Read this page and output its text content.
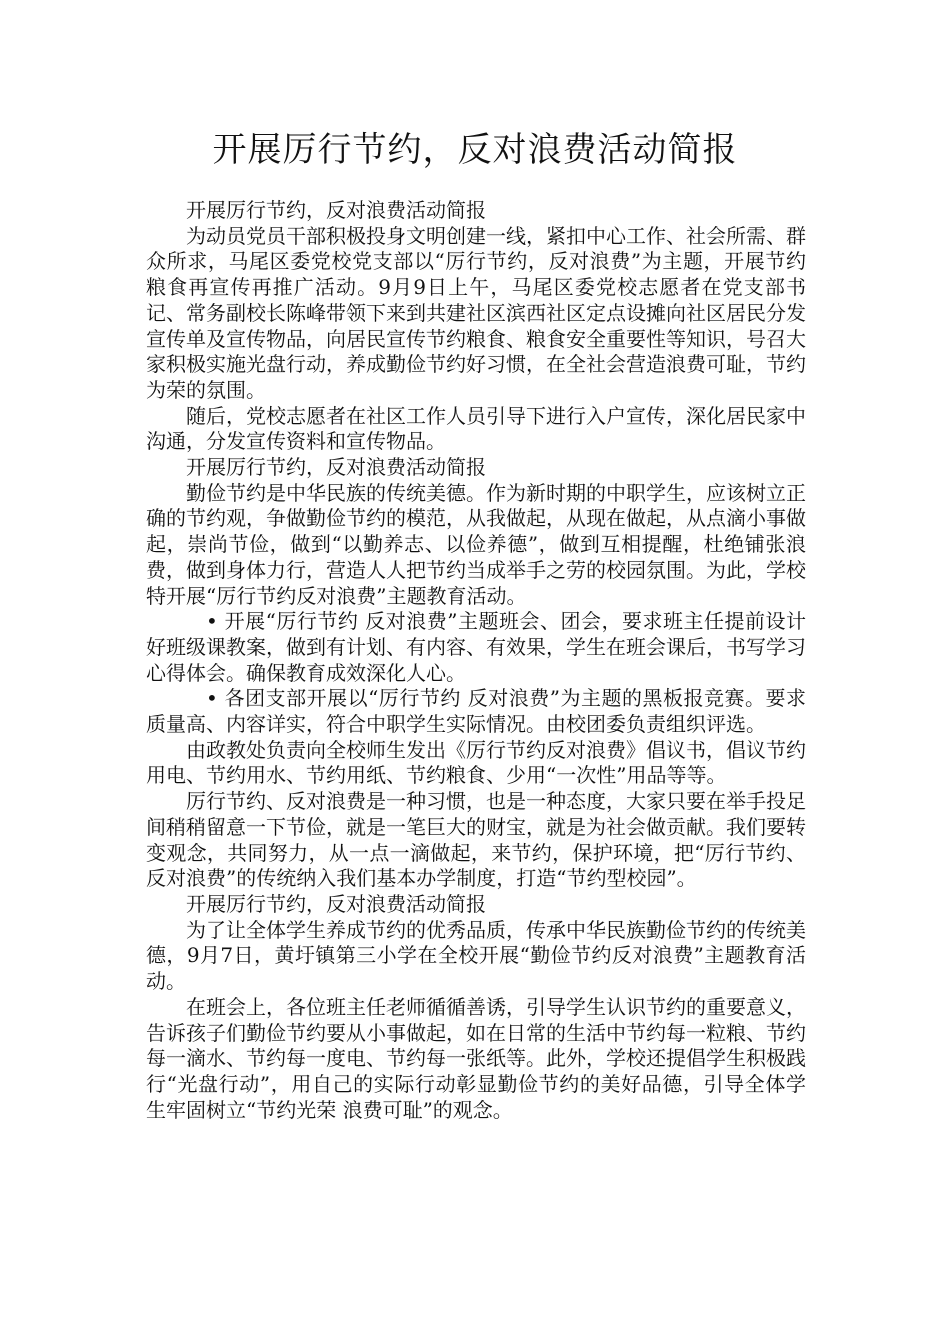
开展厉行节约，反对浪费活动简报

开展厉行节约，反对浪费活动简报

为动员党员干部积极投身文明创建一线，紧扣中心工作、社会所需、群众所求，马尾区委党校党支部以“厉行节约，反对浪费”为主题，开展节约粮食再宣传再推广活动。9月9日上午，马尾区委党校志愿者在党支部书记、常务副校长陈峰带领下来到共建社区滨西社区定点设摊向社区居民分发宣传单及宣传物品，向居民宣传节约粮食、粮食安全重要性等知识，号召大家积极实施光盘行动，养成勤俭节约好习惯，在全社会营造浪费可耻，节约为荣的氛围。

随后，党校志愿者在社区工作人员引导下进行入户宣传，深化居民家中沟通，分发宣传资料和宣传物品。

开展厉行节约，反对浪费活动简报

勤俭节约是中华民族的传统美德。作为新时期的中职学生，应该树立正确的节约观，争做勤俭节约的模范，从我做起，从现在做起，从点滴小事做起，崇尚节俭，做到“以勤养志、以俭养德”，做到互相提醒，杜绝铺张浪费，做到身体力行，营造人人把节约当成举手之劳的校园氛围。为此，学校特开展“厉行节约反对浪费”主题教育活动。

• 开展“厉行节约 反对浪费”主题班会、团会，要求班主任提前设计好班级课教案，做到有计划、有内容、有效果，学生在班会课后，书写学习心得体会。确保教育成效深化人心。

• 各团支部开展以“厉行节约 反对浪费”为主题的黑板报竞赛。要求质量高、内容详实，符合中职学生实际情况。由校团委负责组织评选。

由政教处负责向全校师生发出《厉行节约反对浪费》倡议书，倡议节约用电、节约用水、节约用纸、节约粮食、少用“一次性”用品等等。

厉行节约、反对浪费是一种习惯，也是一种态度，大家只要在举手投足间稍稍留意一下节俭，就是一笔巨大的财宝，就是为社会做贡献。我们要转变观念，共同努力，从一点一滴做起，来节约，保护环境，把“厉行节约、反对浪费”的传统纳入我们基本办学制度，打造“节约型校园”。

开展厉行节约，反对浪费活动简报

为了让全体学生养成节约的优秀品质，传承中华民族勤俭节约的传统美德，9月7日，黄圩镇第三小学在全校开展“勤俭节约反对浪费”主题教育活动。

在班会上，各位班主任老师循循善诱，引导学生认识节约的重要意义，告诉孩子们勤俭节约要从小事做起，如在日常的生活中节约每一粒粮、节约每一滴水、节约每一度电、节约每一张纸等。此外，学校还提倡学生积极践行“光盘行动”，用自己的实际行动彰显勤俭节约的美好品德，引导全体学生牢固树立“节约光荣 浪费可耻”的观念。
